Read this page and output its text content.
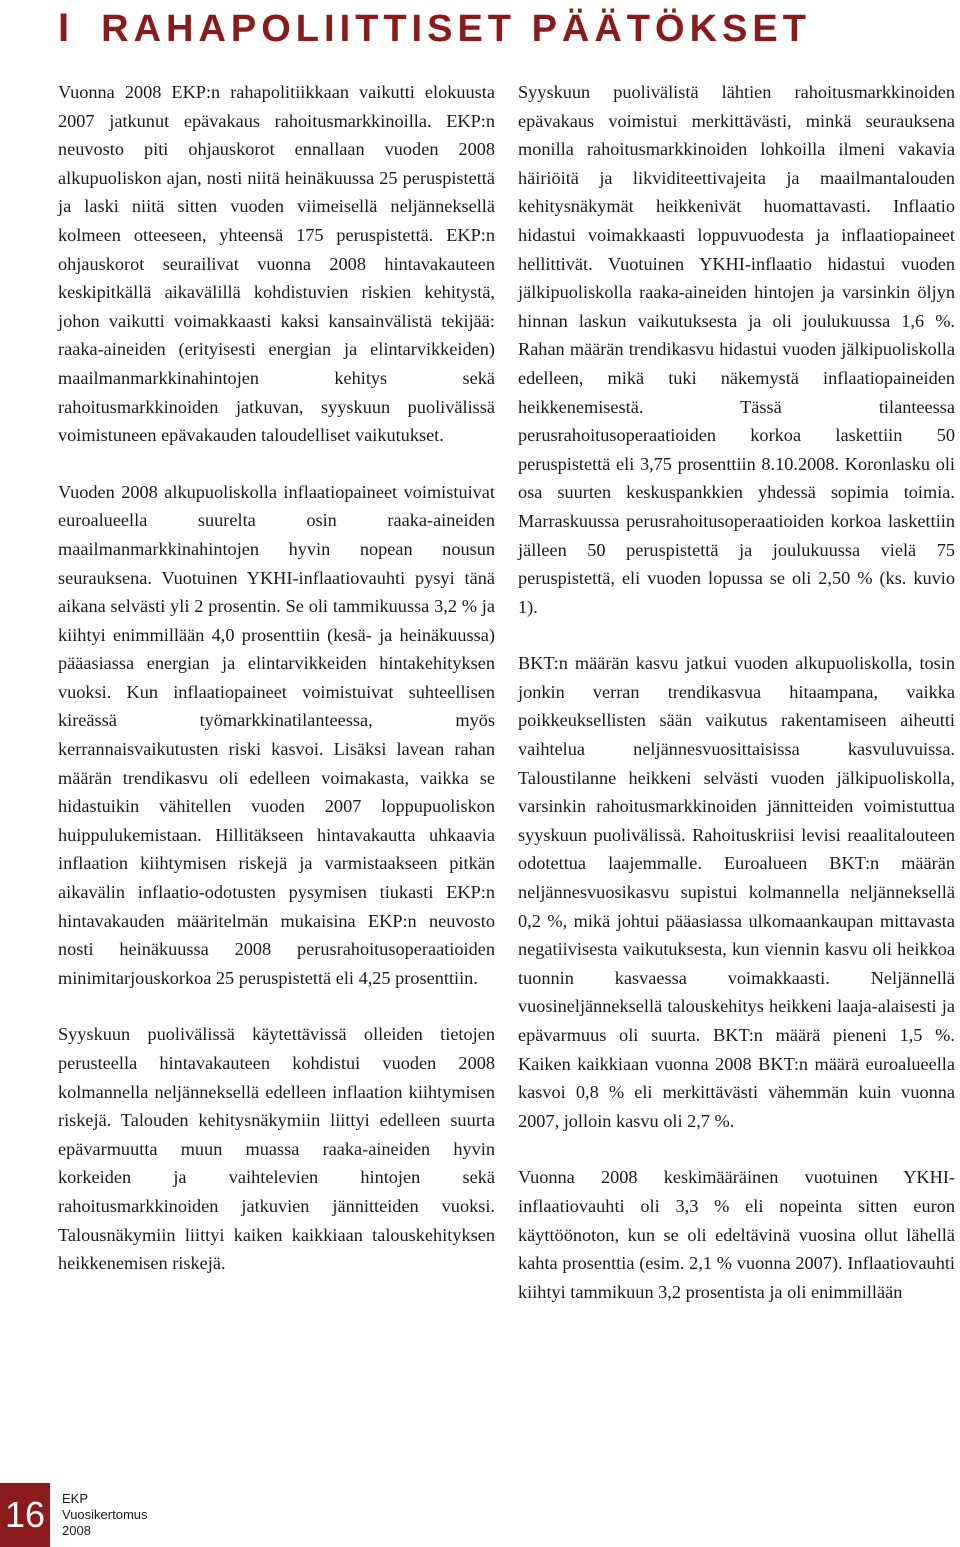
I RAHAPOLIITTISET PÄÄTÖKSET

Vuonna 2008 EKP:n rahapolitiikkaan vaikutti elokuusta 2007 jatkunut epävakaus rahoitusmarkkinoilla. EKP:n neuvosto piti ohjauskorot ennallaan vuoden 2008 alkupuoliskon ajan, nosti niitä heinäkuussa 25 peruspistettä ja laski niitä sitten vuoden viimeisellä neljänneksellä kolmeen otteeseen, yhteensä 175 peruspistettä. EKP:n ohjauskorot seurailivat vuonna 2008 hintavakauteen keskipitkällä aikavälillä kohdistuvien riskien kehitystä, johon vaikutti voimakkaasti kaksi kansainvälistä tekijää: raaka-aineiden (erityisesti energian ja elintarvikkeiden) maailmanmarkkinahintojen kehitys sekä rahoitusmarkkinoiden jatkuvan, syyskuun puolivälissä voimistuneen epävakauden taloudelliset vaikutukset.

Vuoden 2008 alkupuoliskolla inflaatiopaineet voimistuivat euroalueella suurelta osin raaka-aineiden maailmanmarkkinahintojen hyvin nopean nousun seurauksena. Vuotuinen YKHI-inflaatiovauhti pysyi tänä aikana selvästi yli 2 prosentin. Se oli tammikuussa 3,2 % ja kiihtyi enimmillään 4,0 prosenttiin (kesä- ja heinäkuussa) pääasiassa energian ja elintarvikkeiden hintakehityksen vuoksi. Kun inflaatiopaineet voimistuivat suhteellisen kireässä työmarkkinatilanteessa, myös kerrannaisvaikutusten riski kasvoi. Lisäksi lavean rahan määrän trendikasvu oli edelleen voimakasta, vaikka se hidastuikin vähitellen vuoden 2007 loppupuoliskon huippulukemistaan. Hillitäkseen hintavakautta uhkaavia inflaation kiihtymisen riskejä ja varmistaakseen pitkän aikavälin inflaatio-odotusten pysymisen tiukasti EKP:n hintavakauden määritelmän mukaisina EKP:n neuvosto nosti heinäkuussa 2008 perusrahoitusoperaatioiden minimitarjouskorkoa 25 peruspistettä eli 4,25 prosenttiin.

Syyskuun puolivälissä käytettävissä olleiden tietojen perusteella hintavakauteen kohdistui vuoden 2008 kolmannella neljänneksellä edelleen inflaation kiihtymisen riskejä. Talouden kehitysnäkymiin liittyi edelleen suurta epävarmuutta muun muassa raaka-aineiden hyvin korkeiden ja vaihtelevien hintojen sekä rahoitusmarkkinoiden jatkuvien jännitteiden vuoksi. Talousnäkymiin liittyi kaiken kaikkiaan talouskehityksen heikkenemisen riskejä.

Syyskuun puolivälistä lähtien rahoitusmarkkinoiden epävakaus voimistui merkittävästi, minkä seurauksena monilla rahoitusmarkkinoiden lohkoilla ilmeni vakavia häiriöitä ja likviditeettivajeita ja maailmantalouden kehitysnäkymät heikkenivät huomattavasti. Inflaatio hidastui voimakkaasti loppuvuodesta ja inflaatiopaineet hellittivät. Vuotuinen YKHI-inflaatio hidastui vuoden jälkipuoliskolla raaka-aineiden hintojen ja varsinkin öljyn hinnan laskun vaikutuksesta ja oli joulukuussa 1,6 %. Rahan määrän trendikasvu hidastui vuoden jälkipuoliskolla edelleen, mikä tuki näkemystä inflaatiopaineiden heikkenemisestä. Tässä tilanteessa perusrahoitusoperaatioiden korkoa laskettiin 50 peruspistettä eli 3,75 prosenttiin 8.10.2008. Koronlasku oli osa suurten keskuspankkien yhdessä sopimia toimia. Marraskuussa perusrahoitusoperaatioiden korkoa laskettiin jälleen 50 peruspistettä ja joulukuussa vielä 75 peruspistettä, eli vuoden lopussa se oli 2,50 % (ks. kuvio 1).

BKT:n määrän kasvu jatkui vuoden alkupuoliskolla, tosin jonkin verran trendikasvua hitaampana, vaikka poikkeuksellisten sään vaikutus rakentamiseen aiheutti vaihtelua neljännesvuosittaisissa kasvuluvuissa. Taloustilanne heikkeni selvästi vuoden jälkipuoliskolla, varsinkin rahoitusmarkkinoiden jännitteiden voimistuttua syyskuun puolivälissä. Rahoituskriisi levisi reaalitalouteen odotettua laajemmalle. Euroalueen BKT:n määrän neljännesvuosikasvu supistui kolmannella neljänneksellä 0,2 %, mikä johtui pääasiassa ulkomaankaupan mittavasta negatiivisesta vaikutuksesta, kun viennin kasvu oli heikkoa tuonnin kasvaessa voimakkaasti. Neljännellä vuosineljänneksellä talouskehitys heikkeni laaja-alaisesti ja epävarmuus oli suurta. BKT:n määrä pieneni 1,5 %. Kaiken kaikkiaan vuonna 2008 BKT:n määrä euroalueella kasvoi 0,8 % eli merkittävästi vähemmän kuin vuonna 2007, jolloin kasvu oli 2,7 %.

Vuonna 2008 keskimääräinen vuotuinen YKHI-inflaatiovauhti oli 3,3 % eli nopeinta sitten euron käyttöönoton, kun se oli edeltävinä vuosina ollut lähellä kahta prosenttia (esim. 2,1 % vuonna 2007). Inflaatiovauhti kiihtyi tammikuun 3,2 prosentista ja oli enimmillään

16	EKP
Vuosikertomus
2008
